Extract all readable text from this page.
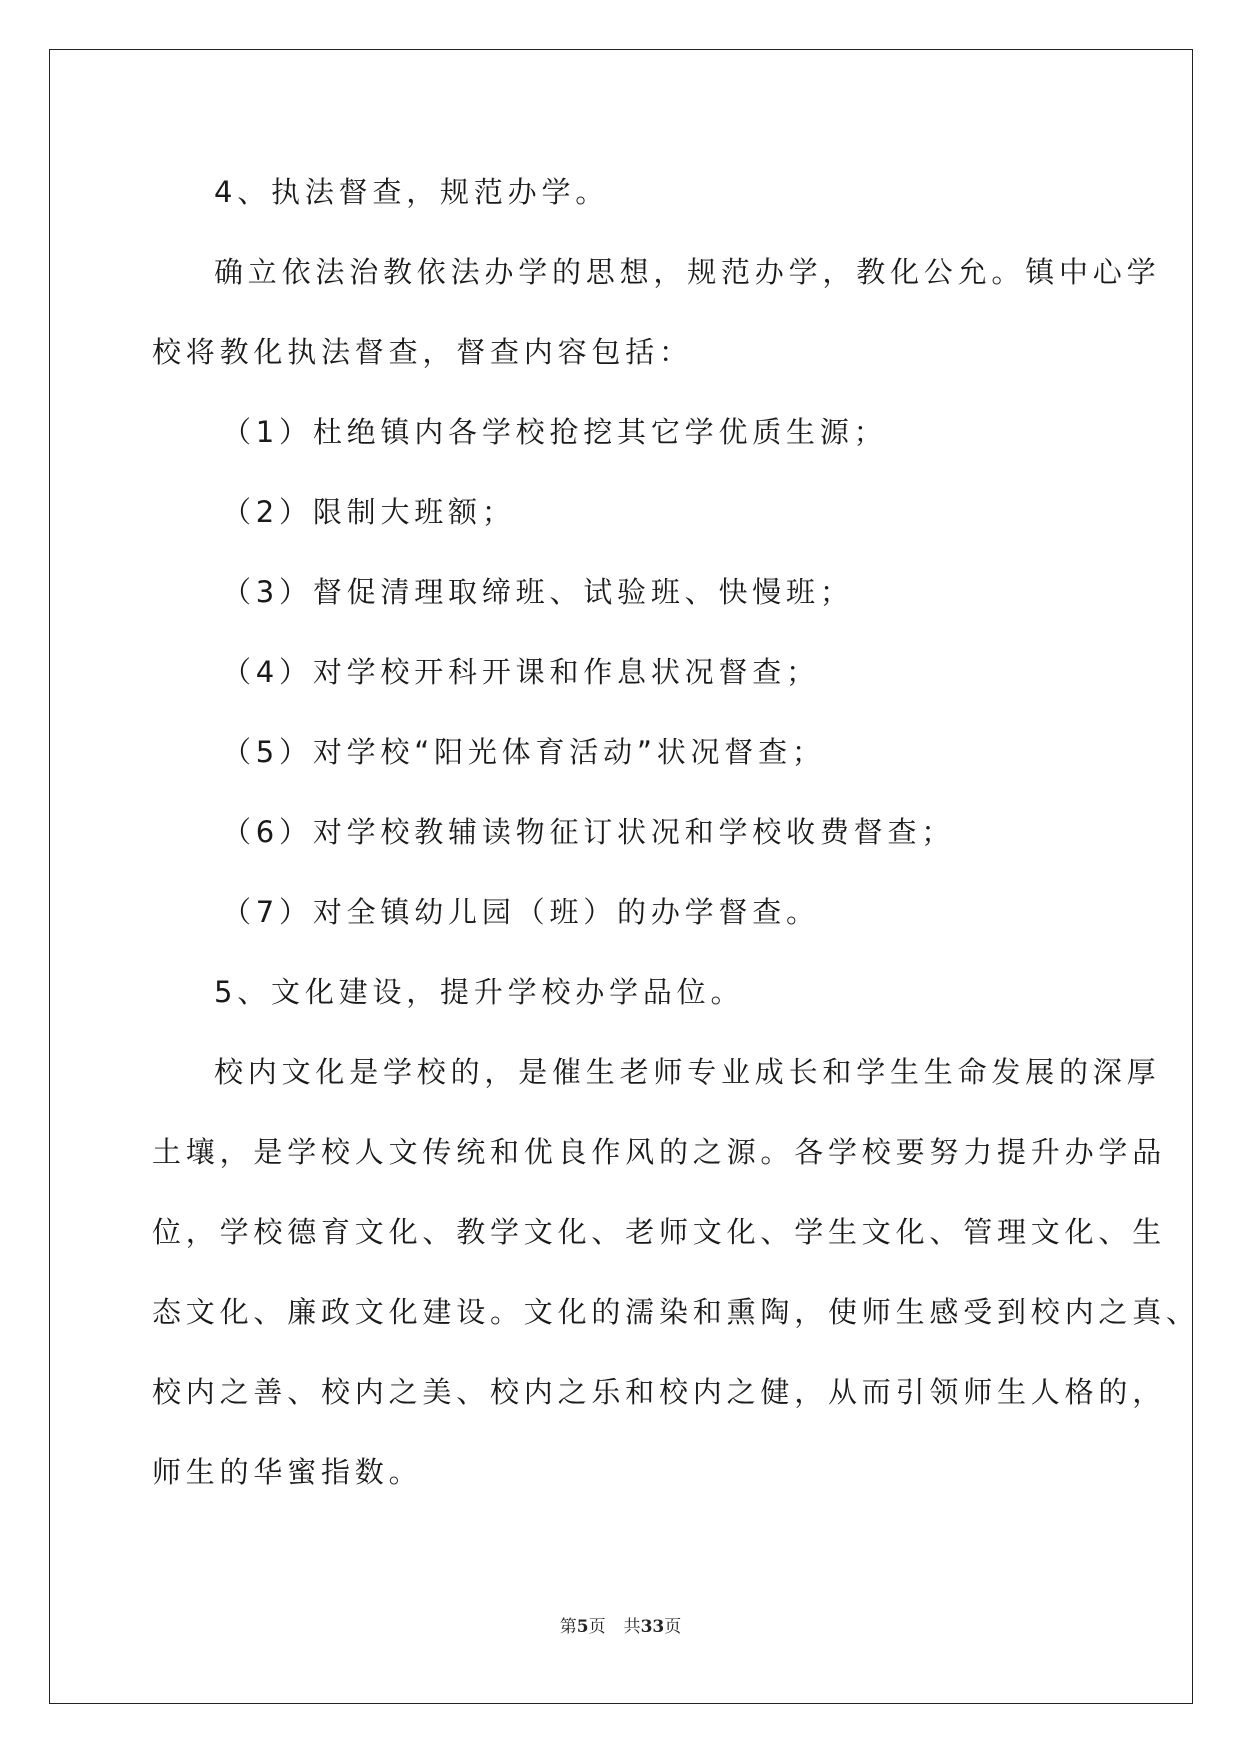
4、执法督查，规范办学。

确立依法治教依法办学的思想，规范办学，教化公允。镇中心学

校将教化执法督查，督查内容包括：

（1）杜绝镇内各学校抢挖其它学优质生源；

（2）限制大班额；

（3）督促清理取缔班、试验班、快慢班；

（4）对学校开科开课和作息状况督查；

（5）对学校“阳光体育活动”状况督查；

（6）对学校教辅读物征订状况和学校收费督查；

（7）对全镇幼儿园（班）的办学督查。

5、文化建设，提升学校办学品位。

校内文化是学校的，是催生老师专业成长和学生生命发展的深厚

土壤，是学校人文传统和优良作风的之源。各学校要努力提升办学品

位，学校德育文化、教学文化、老师文化、学生文化、管理文化、生

态文化、廉政文化建设。文化的濡染和熏陶，使师生感受到校内之真、

校内之善、校内之美、校内之乐和校内之健，从而引领师生人格的，

师生的华蜜指数。

第5页 共33页
